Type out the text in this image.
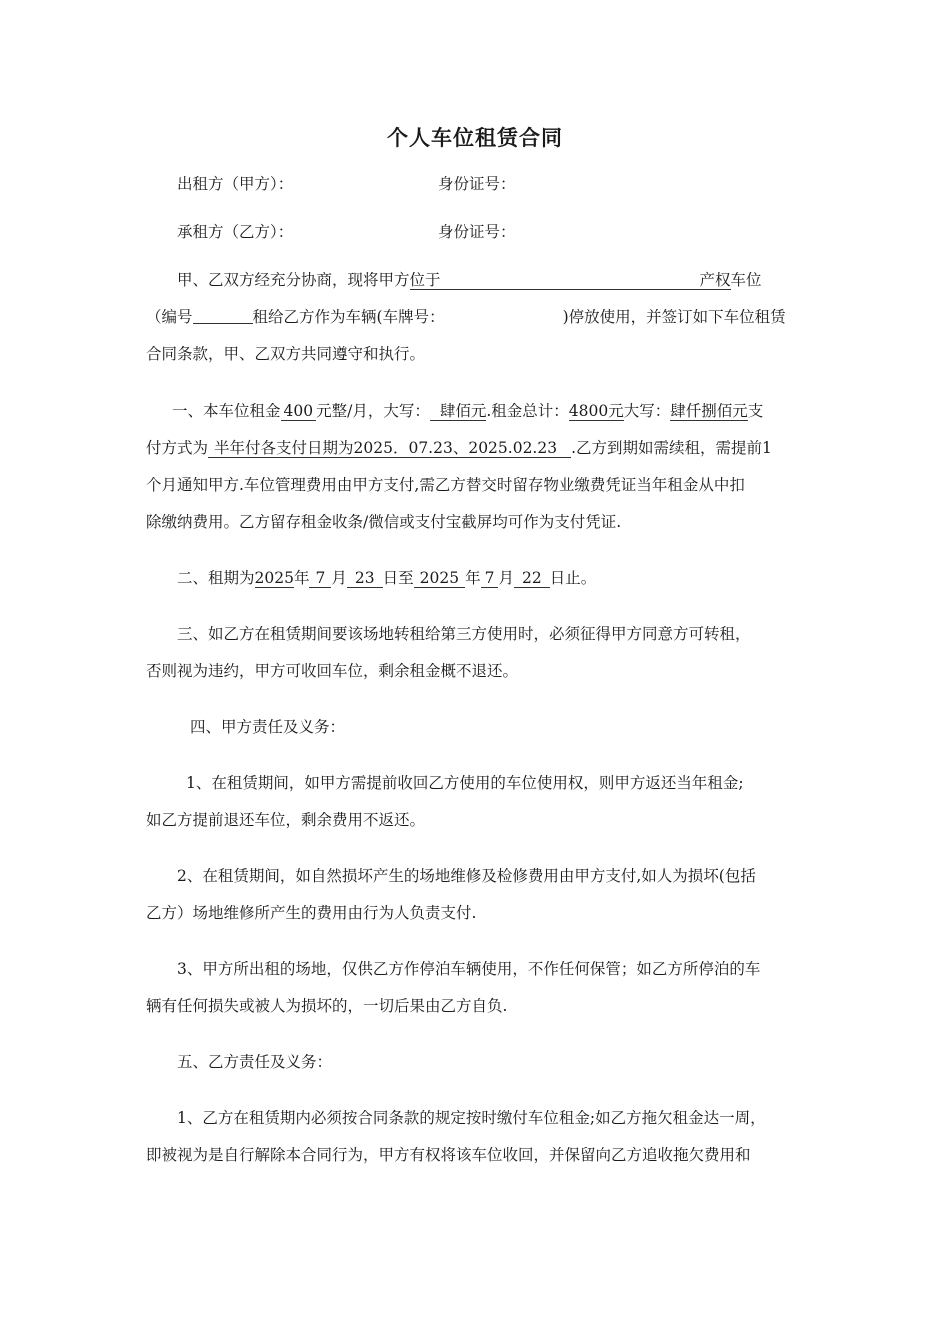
个人车位租赁合同
出租方（甲方）：	身份证号：
承租方（乙方）：	身份证号：
甲、乙双方经充分协商，现将甲方位于	产权车位
（编号	租给乙方作为车辆(车牌号：	)停放使用，并签订如下车位租赁
合同条款，甲、乙双方共同遵守和执行。
一、本车位租金 400 元整/月，大写： 肆佰元.租金总计：4800元大写：肆仟捌佰元支
付方式为 半年付各支付日期为2025．07.23、2025.02.23 .乙方到期如需续租，需提前1
个月通知甲方.车位管理费用由甲方支付,需乙方替交时留存物业缴费凭证当年租金从中扣
除缴纳费用。乙方留存租金收条/微信或支付宝截屏均可作为支付凭证.
二、租期为2025年 7 月 23 日至 2025 年 7 月 22 日止。
三、如乙方在租赁期间要该场地转租给第三方使用时，必须征得甲方同意方可转租，
否则视为违约，甲方可收回车位，剩余租金概不退还。
四、甲方责任及义务：
1、在租赁期间，如甲方需提前收回乙方使用的车位使用权，则甲方返还当年租金;
如乙方提前退还车位，剩余费用不返还。
2、在租赁期间，如自然损坏产生的场地维修及检修费用由甲方支付,如人为损坏(包括
乙方）场地维修所产生的费用由行为人负责支付.
3、甲方所出租的场地，仅供乙方作停泊车辆使用，不作任何保管；如乙方所停泊的车
辆有任何损失或被人为损坏的，一切后果由乙方自负.
五、乙方责任及义务：
1、乙方在租赁期内必须按合同条款的规定按时缴付车位租金;如乙方拖欠租金达一周，
即被视为是自行解除本合同行为，甲方有权将该车位收回，并保留向乙方追收拖欠费用和
